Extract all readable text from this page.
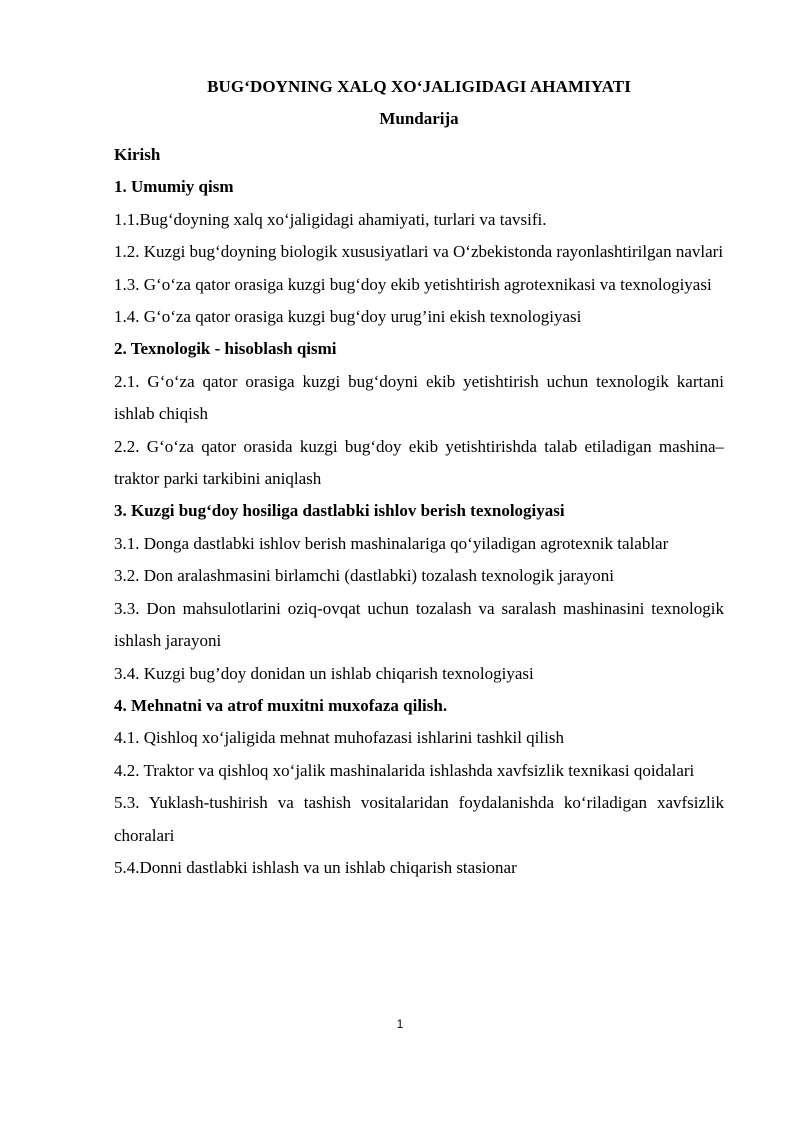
BUG‘DOYNING XALQ XO‘JALIGIDAGI AHAMIYATI
Mundarija

Kirish

1. Umumiy qism

1.1.Bug‘doyning xalq xo‘jaligidagi ahamiyati, turlari va tavsifi.

1.2. Kuzgi bug‘doyning biologik xususiyatlari va O‘zbekistonda rayonlashtirilgan navlari

1.3. G‘o‘za qator orasiga kuzgi bug‘doy ekib yetishtirish agrotexnikasi va texnologiyasi

1.4. G‘o‘za qator orasiga kuzgi bug‘doy urug’ini ekish texnologiyasi

2. Texnologik - hisoblash qismi

2.1. G‘o‘za qator orasiga kuzgi bug‘doyni ekib yetishtirish uchun texnologik kartani ishlab chiqish

2.2. G‘o‘za qator orasida kuzgi bug‘doy ekib yetishtirishda talab etiladigan mashina–traktor parki tarkibini aniqlash

3. Kuzgi bug‘doy hosiliga dastlabki ishlov berish texnologiyasi

3.1. Donga dastlabki ishlov berish mashinalariga qo‘yiladigan agrotexnik talablar

3.2. Don aralashmasini birlamchi (dastlabki) tozalash texnologik jarayoni

3.3. Don mahsulotlarini oziq-ovqat uchun tozalash va saralash mashinasini texnologik ishlash jarayoni

3.4. Kuzgi bug’doy donidan un ishlab chiqarish texnologiyasi

4. Mehnatni va atrof muxitni muxofaza qilish.

4.1. Qishloq xo‘jaligida mehnat muhofazasi ishlarini tashkil qilish

4.2. Traktor va qishloq xo‘jalik mashinalarida ishlashda xavfsizlik texnikasi qoidalari

5.3. Yuklash-tushirish va tashish vositalaridan foydalanishda ko‘riladigan xavfsizlik choralari

5.4.Donni dastlabki ishlash va un ishlab chiqarish stasionar

1
